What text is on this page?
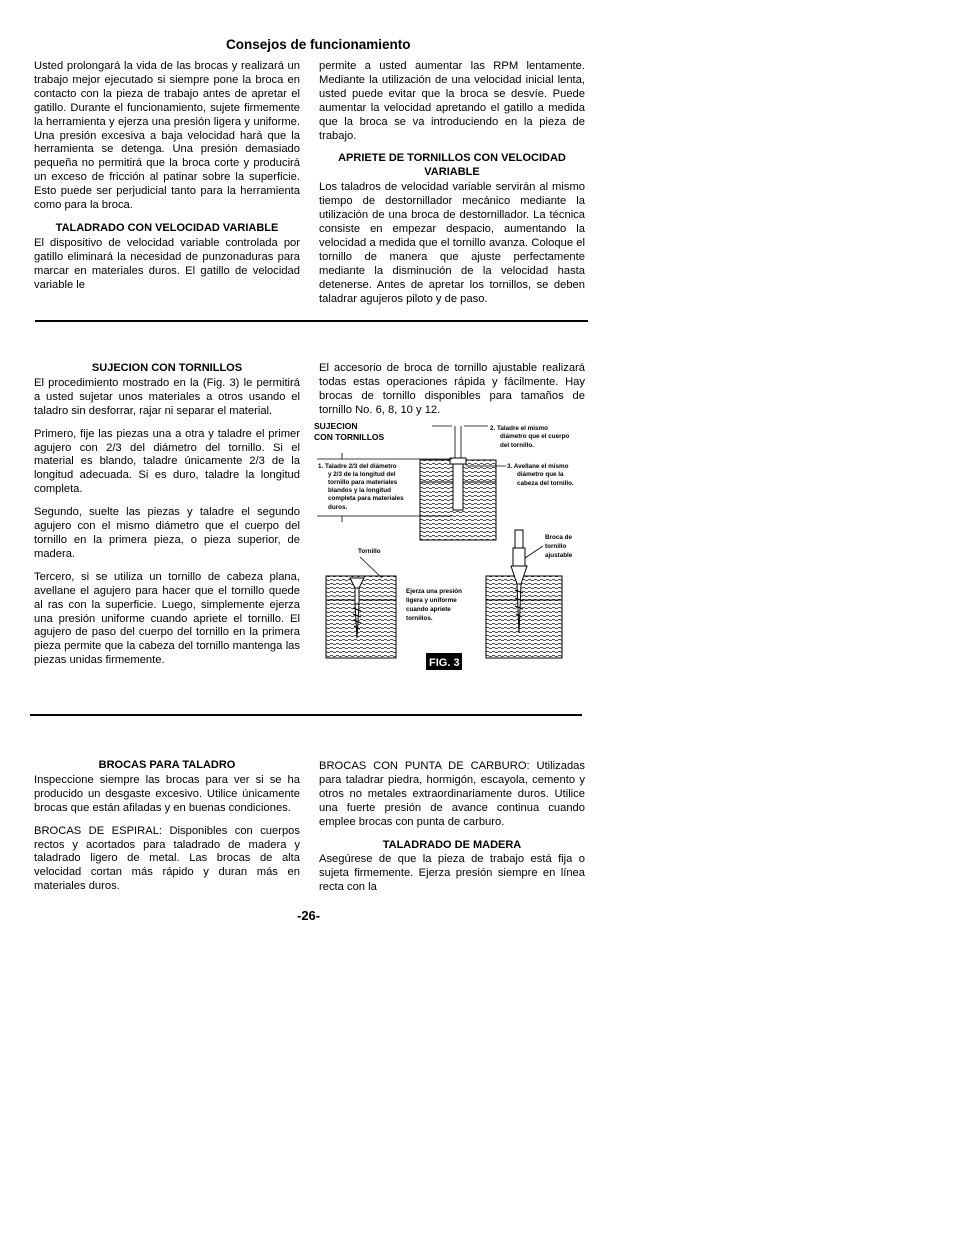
Consejos de funcionamiento

Usted prolongará la vida de las brocas y realizará un trabajo mejor ejecutado si siempre pone la broca en contacto con la pieza de trabajo antes de apretar el gatillo. Durante el funcionamiento, sujete firmemente la herramienta y ejerza una presión ligera y uniforme. Una presión excesiva a baja velocidad hará que la herramienta se detenga. Una presión demasiado pequeña no permitirá que la broca corte y producirá un exceso de fricción al patinar sobre la superficie. Esto puede ser perjudicial tanto para la herramienta como para la broca.

TALADRADO CON VELOCIDAD VARIABLE

El dispositivo de velocidad variable controlada por gatillo eliminará la necesidad de punzonaduras para marcar en materiales duros. El gatillo de velocidad variable le

permite a usted aumentar las RPM lentamente. Mediante la utilización de una velocidad inicial lenta, usted puede evitar que la broca se desvíe. Puede aumentar la velocidad apretando el gatillo a medida que la broca se va introduciendo en la pieza de trabajo.

APRIETE DE TORNILLOS CON VELOCIDAD VARIABLE

Los taladros de velocidad variable servirán al mismo tiempo de destornillador mecánico mediante la utilización de una broca de destornillador. La técnica consiste en empezar despacio, aumentando la velocidad a medida que el tornillo avanza. Coloque el tornillo de manera que ajuste perfectamente mediante la disminución de la velocidad hasta detenerse. Antes de apretar los tornillos, se deben taladrar agujeros piloto y de paso.

SUJECION CON TORNILLOS

El procedimiento mostrado en la (Fig. 3) le permitirá a usted sujetar unos materiales a otros usando el taladro sin desforrar, rajar ni separar el material.

Primero, fije las piezas una a otra y taladre el primer agujero con 2/3 del diámetro del tornillo. Si el material es blando, taladre únicamente 2/3 de la longitud adecuada. Si es duro, taladre la longitud completa.

Segundo, suelte las piezas y taladre el segundo agujero con el mismo diámetro que el cuerpo del tornillo en la primera pieza, o pieza superior, de madera.

Tercero, si se utiliza un tornillo de cabeza plana, avellane el agujero para hacer que el tornillo quede al ras con la superficie. Luego, simplemente ejerza una presión uniforme cuando apriete el tornillo. El agujero de paso del cuerpo del tornillo en la primera pieza permite que la cabeza del tornillo mantenga las piezas unidas firmemente.

El accesorio de broca de tornillo ajustable realizará todas estas operaciones rápida y fácilmente. Hay brocas de tornillo disponibles para tamaños de tornillo No. 6, 8, 10 y 12.

SUJECION
CON TORNILLOS
1. Taladre 2/3 del diámetro
y 2/3 de la longitud del
tornillo para materiales
blandos y la longitud
completa para materiales
duros.
2. Taladre el mismo
diámetro que el cuerpo
del tornillo.
3. Avellane el mismo
diámetro que la
cabeza del tornillo.
Tornillo
Broca de
tornillo
ajustable
Ejerza una presión
ligera y uniforme
cuando apriete
tornillos.
FIG. 3
BROCAS PARA TALADRO

Inspeccione siempre las brocas para ver si se ha producido un desgaste excesivo. Utilice únicamente brocas que están afiladas y en buenas condiciones.

BROCAS DE ESPIRAL: Disponibles con cuerpos rectos y acortados para taladrado de madera y taladrado ligero de metal. Las brocas de alta velocidad cortan más rápido y duran más en materiales duros.

BROCAS CON PUNTA DE CARBURO: Utilizadas para taladrar piedra, hormigón, escayola, cemento y otros no metales extraordinariamente duros. Utilice una fuerte presión de avance continua cuando emplee brocas con punta de carburo.

TALADRADO DE MADERA

Asegúrese de que la pieza de trabajo está fija o sujeta firmemente. Ejerza presión siempre en línea recta con la

-26-
